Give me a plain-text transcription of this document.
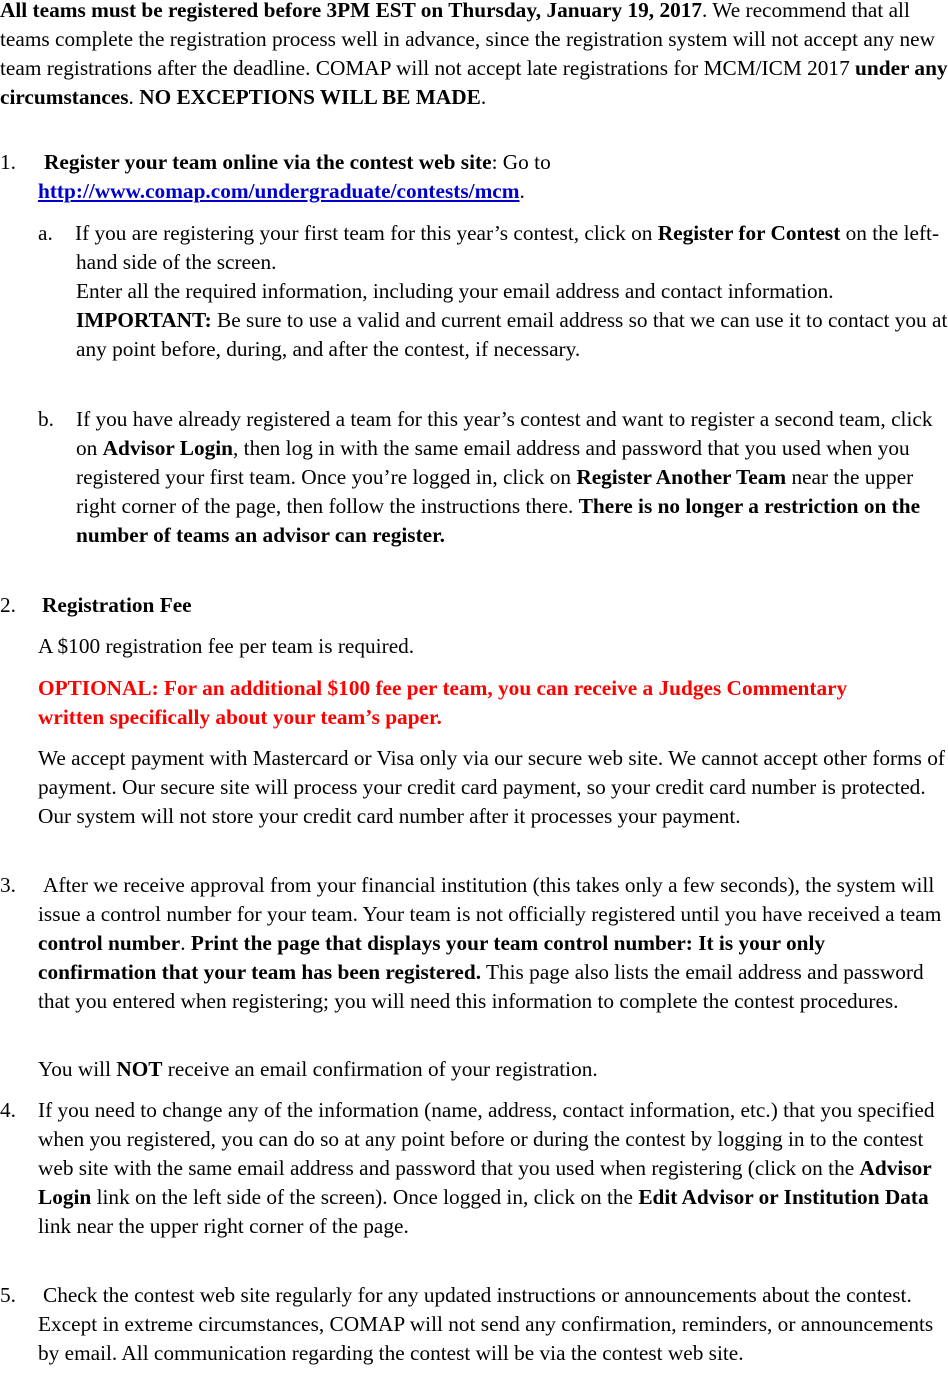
All teams must be registered before 3PM EST on Thursday, January 19, 2017. We recommend that all teams complete the registration process well in advance, since the registration system will not accept any new team registrations after the deadline. COMAP will not accept late registrations for MCM/ICM 2017 under any circumstances. NO EXCEPTIONS WILL BE MADE.

1. Register your team online via the contest web site: Go to
http://www.comap.com/undergraduate/contests/mcm.

a. If you are registering your first team for this year’s contest, click on Register for Contest on the left-hand side of the screen.

Enter all the required information, including your email address and contact information.

IMPORTANT: Be sure to use a valid and current email address so that we can use it to contact you at any point before, during, and after the contest, if necessary.

b. If you have already registered a team for this year’s contest and want to register a second team, click on Advisor Login, then log in with the same email address and password that you used when you registered your first team. Once you’re logged in, click on Register Another Team near the upper right corner of the page, then follow the instructions there. There is no longer a restriction on the number of teams an advisor can register.

2. Registration Fee

A $100 registration fee per team is required.

OPTIONAL: For an additional $100 fee per team, you can receive a Judges Commentary written specifically about your team’s paper.

We accept payment with Mastercard or Visa only via our secure web site. We cannot accept other forms of payment. Our secure site will process your credit card payment, so your credit card number is protected. Our system will not store your credit card number after it processes your payment.

3. After we receive approval from your financial institution (this takes only a few seconds), the system will issue a control number for your team. Your team is not officially registered until you have received a team control number. Print the page that displays your team control number: It is your only confirmation that your team has been registered. This page also lists the email address and password that you entered when registering; you will need this information to complete the contest procedures.

You will NOT receive an email confirmation of your registration.

4. If you need to change any of the information (name, address, contact information, etc.) that you specified when you registered, you can do so at any point before or during the contest by logging in to the contest web site with the same email address and password that you used when registering (click on the Advisor Login link on the left side of the screen). Once logged in, click on the Edit Advisor or Institution Data link near the upper right corner of the page.

5. Check the contest web site regularly for any updated instructions or announcements about the contest. Except in extreme circumstances, COMAP will not send any confirmation, reminders, or announcements by email. All communication regarding the contest will be via the contest web site.
